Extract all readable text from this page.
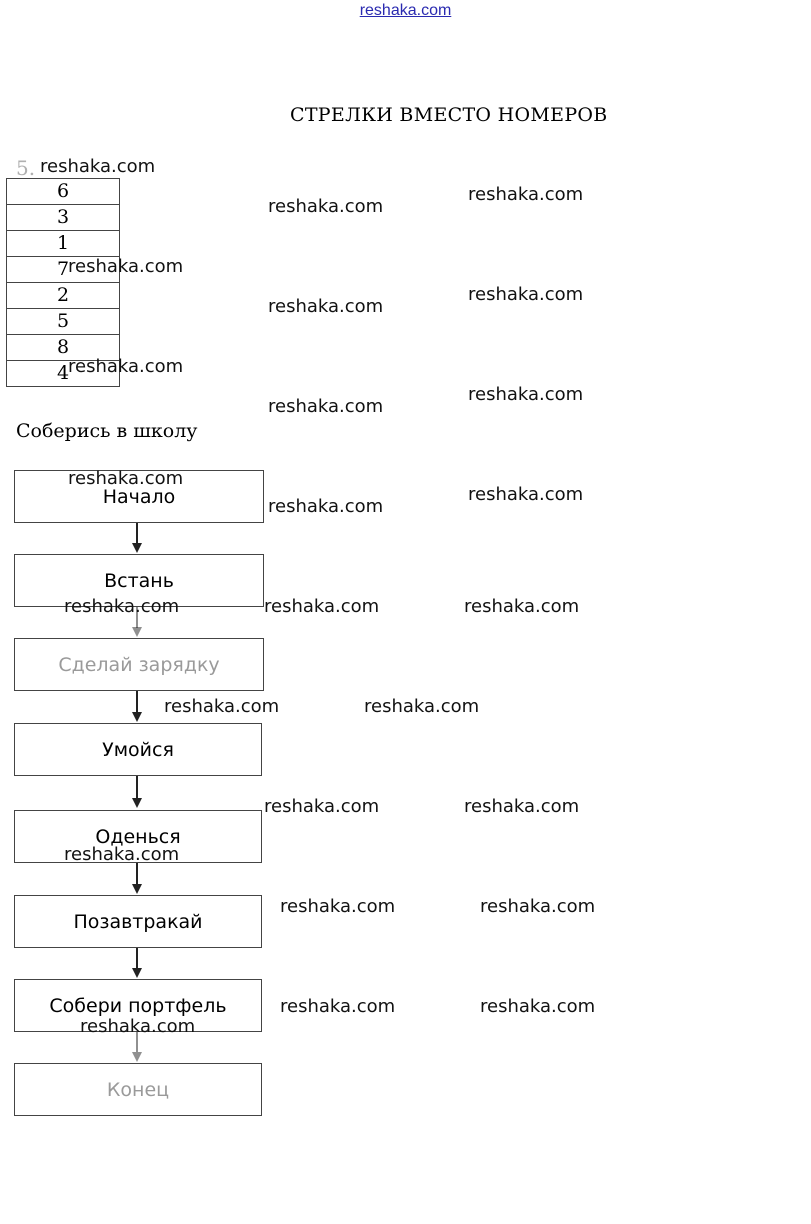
reshaka.com
СТРЕЛКИ ВМЕСТО НОМЕРОВ
5.
6
3
1
7
2
5
8
4
Соберись в школу
Начало
Встань
Сделай зарядку
Умойся
Оденься
Позавтракай
Собери портфель
Конец
reshaka.com
reshaka.com
reshaka.com
reshaka.com
reshaka.com
reshaka.com
reshaka.com
reshaka.com
reshaka.com
reshaka.com
reshaka.com
reshaka.com
reshaka.com	reshaka.com	reshaka.com
reshaka.com	reshaka.com
reshaka.com	reshaka.com
reshaka.com
reshaka.com	reshaka.com
reshaka.com	reshaka.com
reshaka.com
